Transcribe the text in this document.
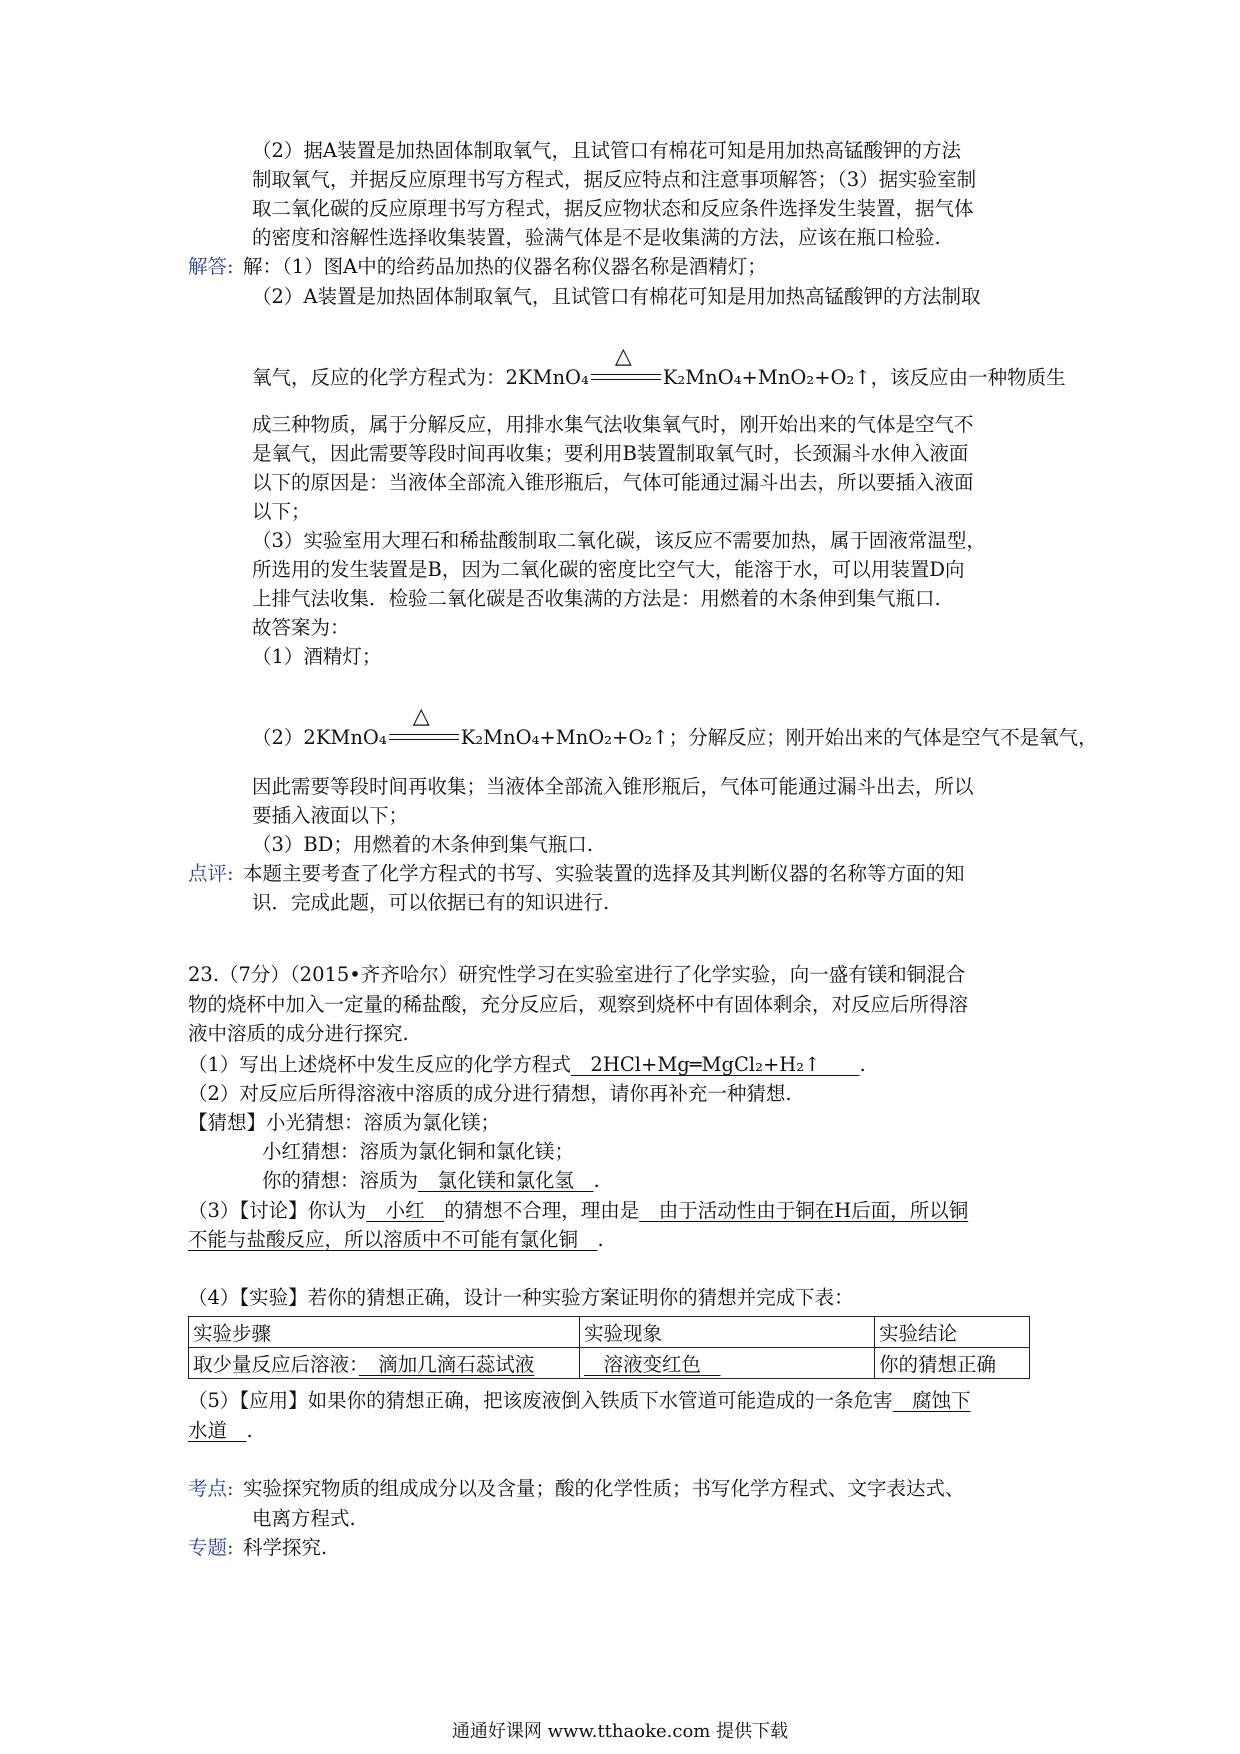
（2）据A装置是加热固体制取氧气，且试管口有棉花可知是用加热高锰酸钾的方法
制取氧气，并据反应原理书写方程式，据反应特点和注意事项解答；（3）据实验室制
取二氧化碳的反应原理书写方程式，据反应物状态和反应条件选择发生装置，据气体
的密度和溶解性选择收集装置，验满气体是不是收集满的方法，应该在瓶口检验.
解答: 解：（1）图A中的给药品加热的仪器名称仪器名称是酒精灯；
（2）A装置是加热固体制取氧气，且试管口有棉花可知是用加热高锰酸钾的方法制取
氧气，反应的化学方程式为：2KMnO₄
△
K₂MnO₄+MnO₂+O₂↑，该反应由一种物质生
成三种物质，属于分解反应，用排水集气法收集氧气时，刚开始出来的气体是空气不
是氧气，因此需要等段时间再收集；要利用B装置制取氧气时，长颈漏斗水伸入液面
以下的原因是：当液体全部流入锥形瓶后，气体可能通过漏斗出去，所以要插入液面
以下；
（3）实验室用大理石和稀盐酸制取二氧化碳，该反应不需要加热，属于固液常温型，
所选用的发生装置是B，因为二氧化碳的密度比空气大，能溶于水，可以用装置D向
上排气法收集．检验二氧化碳是否收集满的方法是：用燃着的木条伸到集气瓶口.
故答案为：
（1）酒精灯；
（2）2KMnO₄
△
K₂MnO₄+MnO₂+O₂↑；分解反应；刚开始出来的气体是空气不是氧气，
因此需要等段时间再收集；当液体全部流入锥形瓶后，气体可能通过漏斗出去，所以
要插入液面以下；
（3）BD；用燃着的木条伸到集气瓶口.
点评: 本题主要考查了化学方程式的书写、实验装置的选择及其判断仪器的名称等方面的知
识．完成此题，可以依据已有的知识进行.
23.（7分）（2015•齐齐哈尔）研究性学习在实验室进行了化学实验，向一盛有镁和铜混合
物的烧杯中加入一定量的稀盐酸，充分反应后，观察到烧杯中有固体剩余，对反应后所得溶
液中溶质的成分进行探究.
（1）写出上述烧杯中发生反应的化学方程式　2HCl+Mg═MgCl₂+H₂↑　　.
（2）对反应后所得溶液中溶质的成分进行猜想，请你再补充一种猜想.
【猜想】小光猜想：溶质为氯化镁；
小红猜想：溶质为氯化铜和氯化镁；
你的猜想：溶质为　氯化镁和氯化氢　.
（3）【讨论】你认为　小红　的猜想不合理，理由是　由于活动性由于铜在H后面，所以铜
不能与盐酸反应，所以溶质中不可能有氯化铜　.
（4）【实验】若你的猜想正确，设计一种实验方案证明你的猜想并完成下表：
实验步骤	实验现象	实验结论
取少量反应后溶液：　滴加几滴石蕊试液	　溶液变红色　	你的猜想正确
（5）【应用】如果你的猜想正确，把该废液倒入铁质下水管道可能造成的一条危害　腐蚀下
水道　.
考点: 实验探究物质的组成成分以及含量；酸的化学性质；书写化学方程式、文字表达式、
电离方程式.
专题: 科学探究.
通通好课网 www.tthaoke.com 提供下载
